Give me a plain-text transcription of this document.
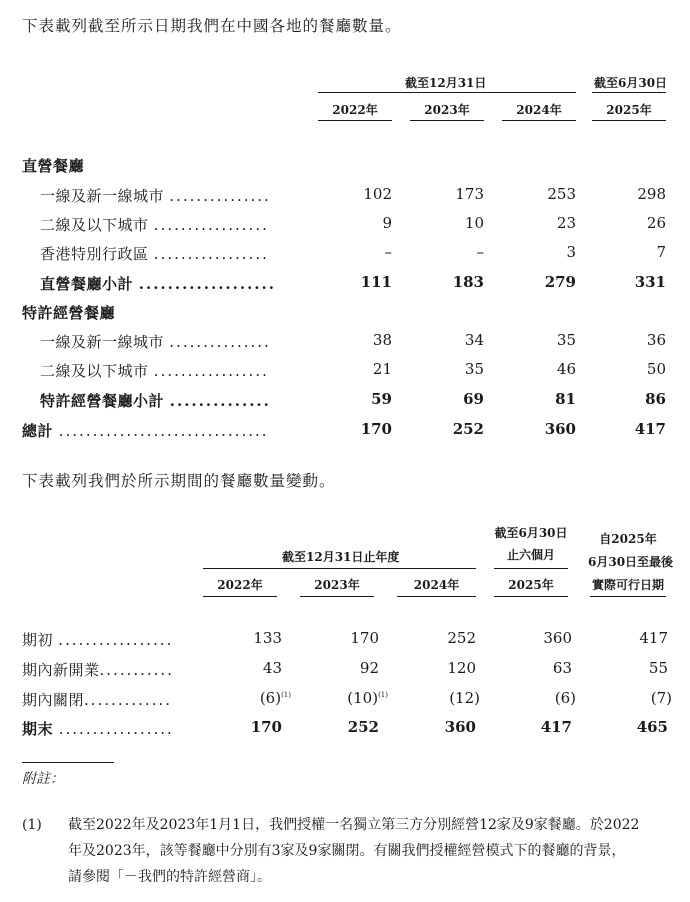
下表載列截至所示日期我們在中國各地的餐廳數量。
截至12月31日	截至6月30日
2022年	2023年	2024年	2025年
直營餐廳
一線及新一線城市 ...............	102	173	253	298
二線及以下城市 .................	9	10	23	26
香港特別行政區 .................	–	–	3	7
直營餐廳小計 ...................	111	183	279	331
特許經營餐廳
一線及新一線城市 ...............	38	34	35	36
二線及以下城市 .................	21	35	46	50
特許經營餐廳小計 ..............	59	69	81	86
總計 ...............................	170	252	360	417
下表載列我們於所示期間的餐廳數量變動。
截至12月31日止年度
截至6月30日
止六個月
自2025年
6月30日至最後
實際可行日期
2022年	2023年	2024年	2025年
期初 .................	133	170	252	360	417
期內新開業...........	43	92	120	63	55
期內關閉.............	$(6)^{(1)}$	$(10)^{(1)}$	(12)	(6)	(7)
期末 .................	170	252	360	417	465
附註：
(1) 截至2022年及2023年1月1日，我們授權一名獨立第三方分別經營12家及9家餐廳。於2022
年及2023年，該等餐廳中分別有3家及9家關閉。有關我們授權經營模式下的餐廳的背景，
請參閱「－我們的特許經營商」。	零售商业财经
